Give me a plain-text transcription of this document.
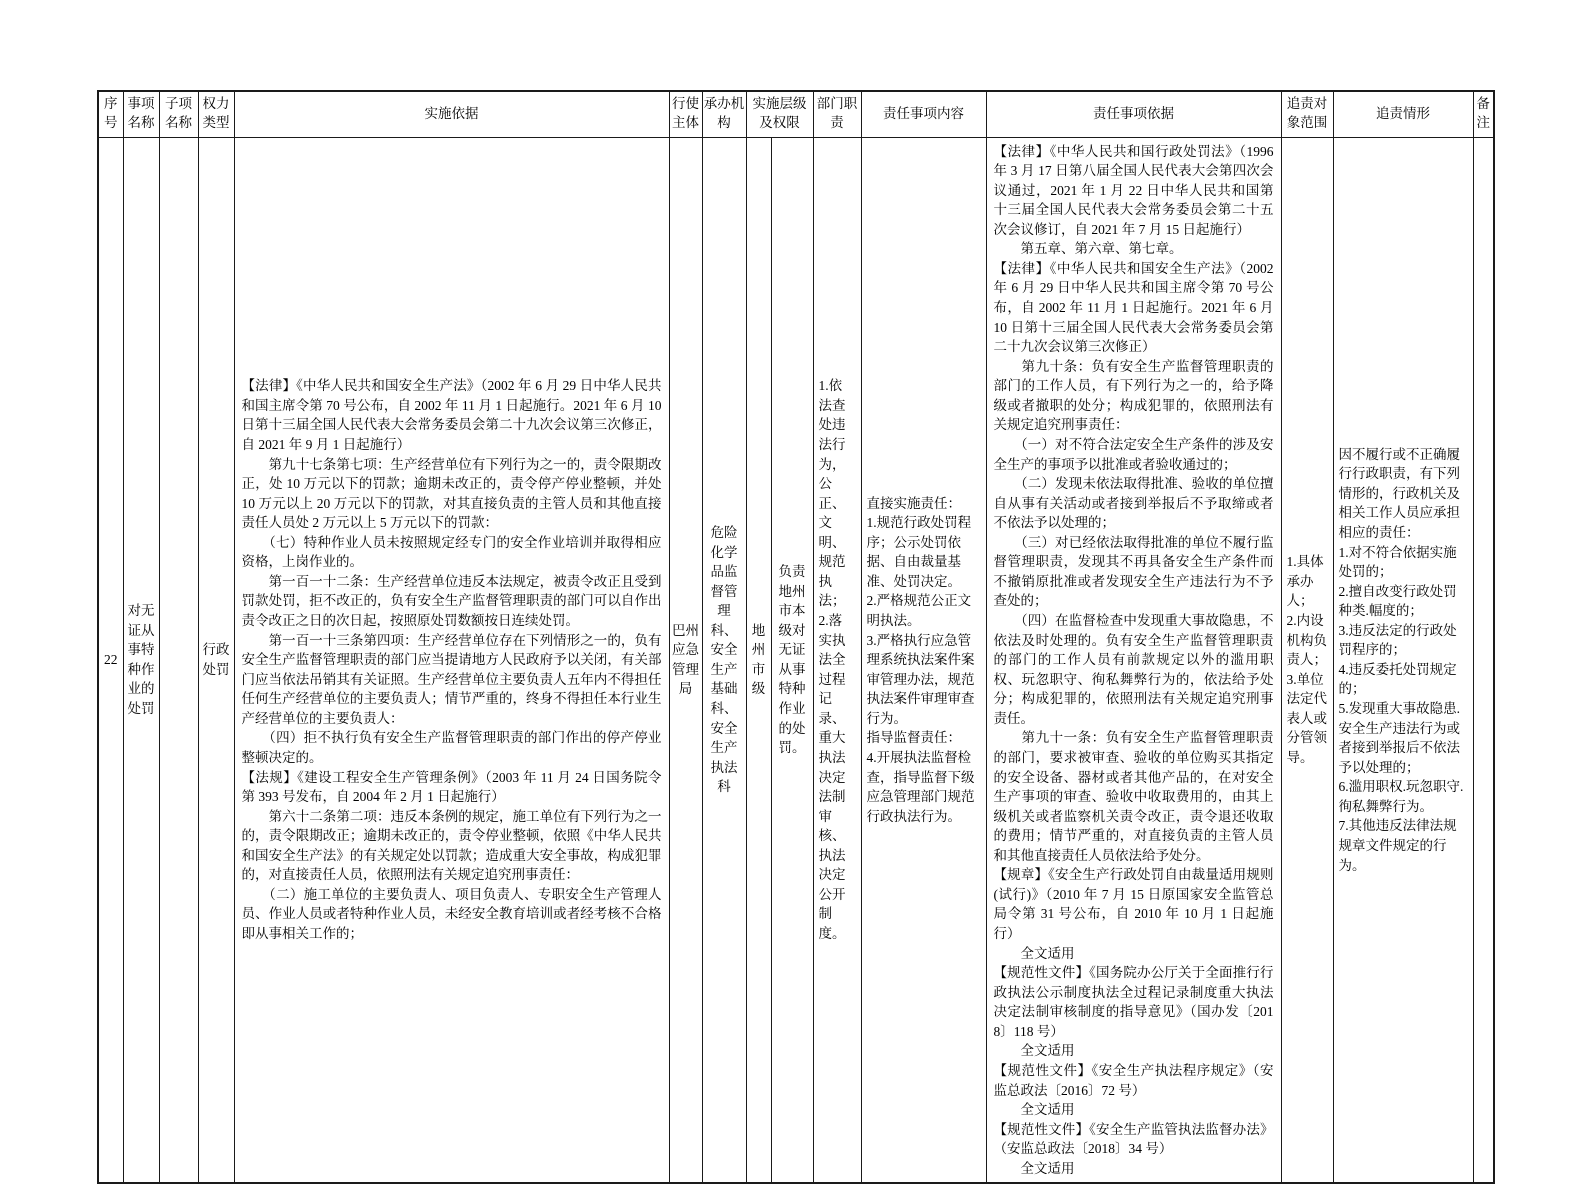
序号	事项名称	子项名称	权力类型	实施依据	行使主体	承办机构	实施层级及权限		部门职责	责任事项内容	责任事项依据	追责对象范围	追责情形	备注
22	对无证从事特种作业的处罚		行政处罚	【法律】《中华人民共和国安全生产法》（2002 年 6 月 29 日中华人民共和国主席令第 70 号公布，自 2002 年 11 月 1 日起施行。2021 年 6 月 10 日第十三届全国人民代表大会常务委员会第二十九次会议第三次修正，自 2021 年 9 月 1 日起施行）
　　第九十七条第七项：生产经营单位有下列行为之一的，责令限期改正，处 10 万元以下的罚款；逾期未改正的，责令停产停业整顿，并处 10 万元以上 20 万元以下的罚款，对其直接负责的主管人员和其他直接责任人员处 2 万元以上 5 万元以下的罚款：
　　（七）特种作业人员未按照规定经专门的安全作业培训并取得相应资格，上岗作业的。
　　第一百一十二条：生产经营单位违反本法规定，被责令改正且受到罚款处罚，拒不改正的，负有安全生产监督管理职责的部门可以自作出责令改正之日的次日起，按照原处罚数额按日连续处罚。
　　第一百一十三条第四项：生产经营单位存在下列情形之一的，负有安全生产监督管理职责的部门应当提请地方人民政府予以关闭，有关部门应当依法吊销其有关证照。生产经营单位主要负责人五年内不得担任任何生产经营单位的主要负责人；情节严重的，终身不得担任本行业生产经营单位的主要负责人：
　　（四）拒不执行负有安全生产监督管理职责的部门作出的停产停业整顿决定的。
【法规】《建设工程安全生产管理条例》（2003 年 11 月 24 日国务院令第 393 号发布，自 2004 年 2 月 1 日起施行）
　　第六十二条第二项：违反本条例的规定，施工单位有下列行为之一的，责令限期改正；逾期未改正的，责令停业整顿，依照《中华人民共和国安全生产法》的有关规定处以罚款；造成重大安全事故，构成犯罪的，对直接责任人员，依照刑法有关规定追究刑事责任：
　　（二）施工单位的主要负责人、项目负责人、专职安全生产管理人员、作业人员或者特种作业人员，未经安全教育培训或者经考核不合格即从事相关工作的；	巴州应急管理局	危险化学品监督管理科、安全生产基础科、安全生产执法科	地州市级	负责地州市本级对无证从事特种作业的处罚。	1.依法查处违法行为，公正、文明、规范执法；
2.落实执法全过程记录、重大执法决定法制审核、执法决定公开制度。	直接实施责任：
1.规范行政处罚程序；公示处罚依据、自由裁量基准、处罚决定。
2.严格规范公正文明执法。
3.严格执行应急管理系统执法案件案审管理办法，规范执法案件审理审查行为。
指导监督责任：
4.开展执法监督检查，指导监督下级应急管理部门规范行政执法行为。	【法律】《中华人民共和国行政处罚法》（1996 年 3 月 17 日第八届全国人民代表大会第四次会议通过，2021 年 1 月 22 日中华人民共和国第十三届全国人民代表大会常务委员会第二十五次会议修订，自 2021 年 7 月 15 日起施行）
　　第五章、第六章、第七章。
【法律】《中华人民共和国安全生产法》（2002 年 6 月 29 日中华人民共和国主席令第 70 号公布，自 2002 年 11 月 1 日起施行。2021 年 6 月 10 日第十三届全国人民代表大会常务委员会第二十九次会议第三次修正）
　　第九十条：负有安全生产监督管理职责的部门的工作人员，有下列行为之一的，给予降级或者撤职的处分；构成犯罪的，依照刑法有关规定追究刑事责任：
　　（一）对不符合法定安全生产条件的涉及安全生产的事项予以批准或者验收通过的；
　　（二）发现未依法取得批准、验收的单位擅自从事有关活动或者接到举报后不予取缔或者不依法予以处理的；
　　（三）对已经依法取得批准的单位不履行监督管理职责，发现其不再具备安全生产条件而不撤销原批准或者发现安全生产违法行为不予查处的；
　　（四）在监督检查中发现重大事故隐患，不依法及时处理的。负有安全生产监督管理职责的部门的工作人员有前款规定以外的滥用职权、玩忽职守、徇私舞弊行为的，依法给予处分；构成犯罪的，依照刑法有关规定追究刑事责任。
　　第九十一条：负有安全生产监督管理职责的部门，要求被审查、验收的单位购买其指定的安全设备、器材或者其他产品的，在对安全生产事项的审查、验收中收取费用的，由其上级机关或者监察机关责令改正，责令退还收取的费用；情节严重的，对直接负责的主管人员和其他直接责任人员依法给予处分。
【规章】《安全生产行政处罚自由裁量适用规则(试行)》（2010 年 7 月 15 日原国家安全监管总局令第 31 号公布，自 2010 年 10 月 1 日起施行）
　　全文适用
【规范性文件】《国务院办公厅关于全面推行行政执法公示制度执法全过程记录制度重大执法决定法制审核制度的指导意见》（国办发〔2018〕118 号）
　　全文适用
【规范性文件】《安全生产执法程序规定》（安监总政法〔2016〕72 号）
　　全文适用
【规范性文件】《安全生产监管执法监督办法》（安监总政法〔2018〕34 号）
　　全文适用	1.具体承办人；
2.内设机构负责人；
3.单位法定代表人或分管领导。	因不履行或不正确履行行政职责，有下列情形的，行政机关及相关工作人员应承担相应的责任：
1.对不符合依据实施处罚的；
2.擅自改变行政处罚种类.幅度的；
3.违反法定的行政处罚程序的；
4.违反委托处罚规定的；
5.发现重大事故隐患.安全生产违法行为或者接到举报后不依法予以处理的；
6.滥用职权.玩忽职守.徇私舞弊行为。
7.其他违反法律法规规章文件规定的行为。	
